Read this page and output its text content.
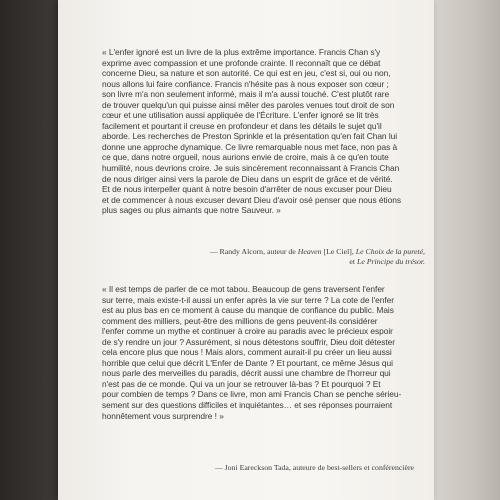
« L'enfer ignoré est un livre de la plus extrême importance. Francis Chan s'y
exprime avec compassion et une profonde crainte. Il reconnaît que ce débat
concerne Dieu, sa nature et son autorité. Ce qui est en jeu, c'est si, oui ou non,
nous allons lui faire confiance. Francis n'hésite pas à nous exposer son cœur ;
son livre m'a non seulement informé, mais il m'a aussi touché. C'est plutôt rare
de trouver quelqu'un qui puisse ainsi mêler des paroles venues tout droit de son
cœur et une utilisation aussi appliquée de l'Écriture. L'enfer ignoré se lit très
facilement et pourtant il creuse en profondeur et dans les détails le sujet qu'il
aborde. Les recherches de Preston Sprinkle et la présentation qu'en fait Chan lui
donne une approche dynamique. Ce livre remarquable nous met face, non pas à
ce que, dans notre orgueil, nous aurions envie de croire, mais à ce qu'en toute
humilité, nous devrions croire. Je suis sincèrement reconnaissant à Francis Chan
de nous diriger ainsi vers la parole de Dieu dans un esprit de grâce et de vérité.
Et de nous interpeller quant à notre besoin d'arrêter de nous excuser pour Dieu
et de commencer à nous excuser devant Dieu d'avoir osé penser que nous étions
plus sages ou plus aimants que notre Sauveur. »

— Randy Alcorn, auteur de Heaven [Le Ciel], Le Choix de la pureté,
et Le Principe du trésor.

« Il est temps de parler de ce mot tabou. Beaucoup de gens traversent l'enfer
sur terre, mais existe-t-il aussi un enfer après la vie sur terre ? La cote de l'enfer
est au plus bas en ce moment à cause du manque de confiance du public. Mais
comment des milliers, peut-être des millions de gens peuvent-ils considérer
l'enfer comme un mythe et continuer à croire au paradis avec le précieux espoir
de s'y rendre un jour ? Assurément, si nous détestons souffrir, Dieu doit détester
cela encore plus que nous ! Mais alors, comment aurait-il pu créer un lieu aussi
horrible que celui que décrit L'Enfer de Dante ? Et pourtant, ce même Jésus qui
nous parle des merveilles du paradis, décrit aussi une chambre de l'horreur qui
n'est pas de ce monde. Qui va un jour se retrouver là-bas ? Et pourquoi ? Et
pour combien de temps ? Dans ce livre, mon ami Francis Chan se penche sérieu-
sement sur des questions difficiles et inquiétantes… et ses réponses pourraient
honnêtement vous surprendre ! »

— Joni Eareckson Tada, auteure de best-sellers et conférencière
